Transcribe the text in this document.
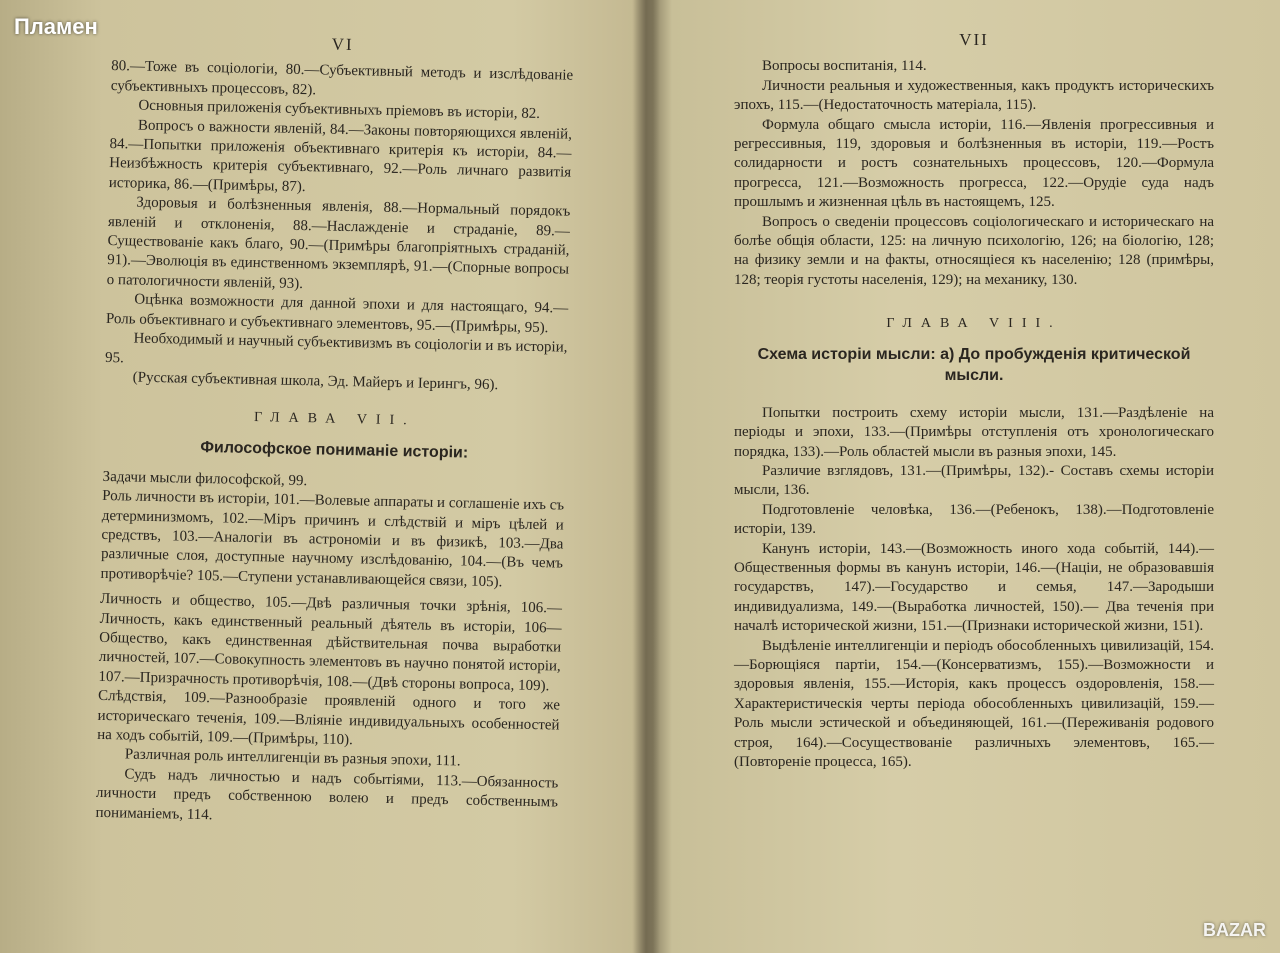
VI

80.—Тоже въ соціологіи, 80.—Субъективный методъ и изслѣдованіе субъективныхъ процессовъ, 82).

Основныя приложенія субъективныхъ пріемовъ въ исторіи, 82.

Вопросъ о важности явленій, 84.—Законы повторяющихся явленій, 84.—Попытки приложенія объективнаго критерія къ исторіи, 84.—Неизбѣжность критерія субъективнаго, 92.—Роль личнаго развитія историка, 86.—(Примѣры, 87).

Здоровыя и болѣзненныя явленія, 88.—Нормальный порядокъ явленій и отклоненія, 88.—Наслажденіе и страданіе, 89.—Существованіе какъ благо, 90.—(Примѣры благопріятныхъ страданій, 91).—Эволюція въ единственномъ экземплярѣ, 91.—(Спорные вопросы о патологичности явленій, 93).

Оцѣнка возможности для данной эпохи и для настоящаго, 94.—Роль объективнаго и субъективнаго элементовъ, 95.—(Примѣры, 95).

Необходимый и научный субъективизмъ въ соціологіи и въ исторіи, 95.

(Русская субъективная школа, Эд. Майеръ и Іерингъ, 96).

ГЛАВА VII.
Философское пониманіе исторіи:

Задачи мысли философской, 99.

Роль личности въ исторіи, 101.—Волевые аппараты и соглашеніе ихъ съ детерминизмомъ, 102.—Міръ причинъ и слѣдствій и міръ цѣлей и средствъ, 103.—Аналогіи въ астрономіи и въ физикѣ, 103.—Два различные слоя, доступные научному изслѣдованію, 104.—(Въ чемъ противорѣчіе? 105.—Ступени устанавливающейся связи, 105).

Личность и общество, 105.—Двѣ различныя точки зрѣнія, 106.—Личность, какъ единственный реальный дѣятель въ исторіи, 106—Общество, какъ единственная дѣйствительная почва выработки личностей, 107.—Совокупность элементовъ въ научно понятой исторіи, 107.—Призрачность противорѣчія, 108.—(Двѣ стороны вопроса, 109).

Слѣдствія, 109.—Разнообразіе проявленій одного и того же историческаго теченія, 109.—Вліяніе индивидуальныхъ особенностей на ходъ событій, 109.—(Примѣры, 110).

Различная роль интеллигенціи въ разныя эпохи, 111.

Судъ надъ личностью и надъ событіями, 113.—Обязанность личности предъ собственною волею и предъ собственнымъ пониманіемъ, 114.

VII

Вопросы воспитанія, 114.

Личности реальныя и художественныя, какъ продуктъ историческихъ эпохъ, 115.—(Недостаточность матеріала, 115).

Формула общаго смысла исторіи, 116.—Явленія прогрессивныя и регрессивныя, 119, здоровыя и болѣзненныя въ исторіи, 119.—Ростъ солидарности и ростъ сознательныхъ процессовъ, 120.—Формула прогресса, 121.—Возможность прогресса, 122.—Орудіе суда надъ прошлымъ и жизненная цѣль въ настоящемъ, 125.

Вопросъ о сведеніи процессовъ соціологическаго и историческаго на болѣе общія области, 125: на личную психологію, 126; на біологію, 128; на физику земли и на факты, относящіеся къ населенію; 128 (примѣры, 128; теорія густоты населенія, 129); на механику, 130.

ГЛАВА VIII.
Схема исторіи мысли: а) До пробужденія критической мысли.

Попытки построить схему исторіи мысли, 131.—Раздѣленіе на періоды и эпохи, 133.—(Примѣры отступленія отъ хронологическаго порядка, 133).—Роль областей мысли въ разныя эпохи, 145.

Различие взглядовъ, 131.—(Примѣры, 132).- Составъ схемы исторіи мысли, 136.

Подготовленіе человѣка, 136.—(Ребенокъ, 138).—Подготовленіе исторіи, 139.

Канунъ исторіи, 143.—(Возможность иного хода событій, 144).—Общественныя формы въ канунъ исторіи, 146.—(Націи, не образовавшія государствъ, 147).—Государство и семья, 147.—Зародыши индивидуализма, 149.—(Выработка личностей, 150).— Два теченія при началѣ исторической жизни, 151.—(Признаки исторической жизни, 151).

Выдѣленіе интеллигенціи и періодъ обособленныхъ цивилизацій, 154.—Борющіяся партіи, 154.—(Консерватизмъ, 155).—Возможности и здоровыя явленія, 155.—Исторія, какъ процессъ оздоровленія, 158.—Характеристическія черты періода обособленныхъ цивилизацій, 159.—Роль мысли эстической и объединяющей, 161.—(Переживанія родового строя, 164).—Сосуществованіе различныхъ элементовъ, 165.—(Повтореніе процесса, 165).

Пламен
BAZAR
